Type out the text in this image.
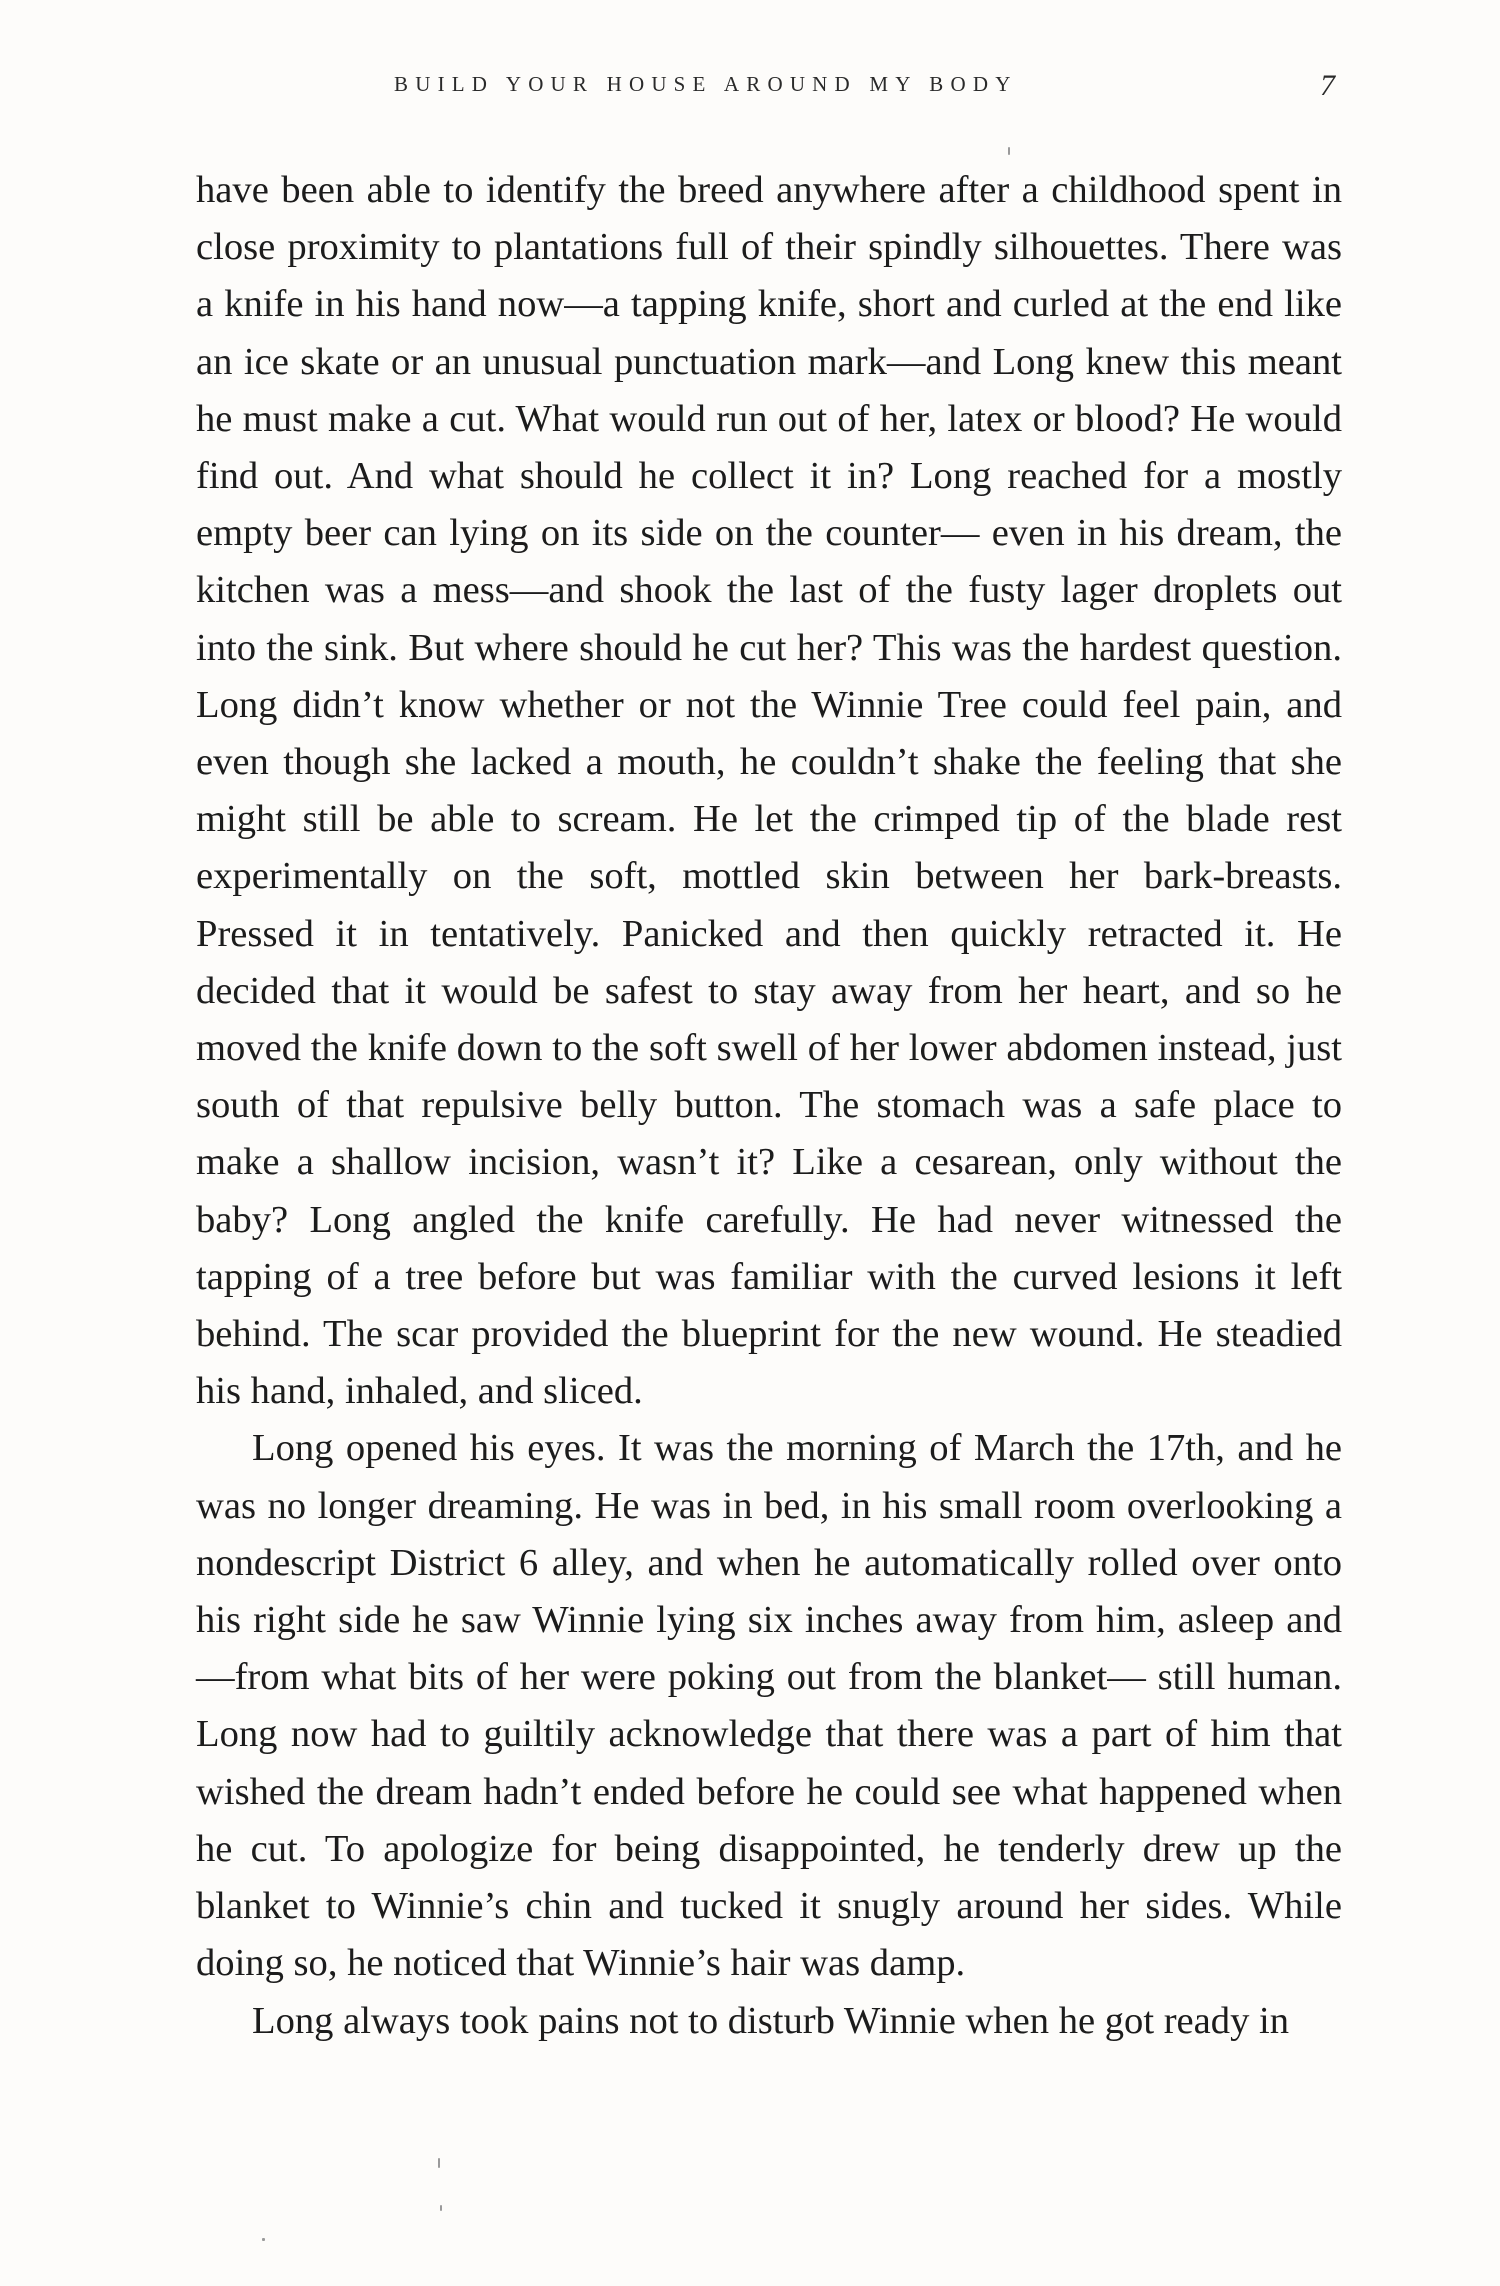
BUILD YOUR HOUSE AROUND MY BODY	7

have been able to identify the breed anywhere after a childhood spent in close proximity to plantations full of their spindly silhouettes. There was a knife in his hand now—a tapping knife, short and curled at the end like an ice skate or an unusual punctuation mark—and Long knew this meant he must make a cut. What would run out of her, latex or blood? He would find out. And what should he collect it in? Long reached for a mostly empty beer can lying on its side on the counter— even in his dream, the kitchen was a mess—and shook the last of the fusty lager droplets out into the sink. But where should he cut her? This was the hardest question. Long didn’t know whether or not the Winnie Tree could feel pain, and even though she lacked a mouth, he couldn’t shake the feeling that she might still be able to scream. He let the crimped tip of the blade rest experimentally on the soft, mottled skin between her bark-breasts. Pressed it in tentatively. Panicked and then quickly retracted it. He decided that it would be safest to stay away from her heart, and so he moved the knife down to the soft swell of her lower abdomen instead, just south of that repulsive belly button. The stomach was a safe place to make a shallow incision, wasn’t it? Like a cesarean, only without the baby? Long angled the knife carefully. He had never witnessed the tapping of a tree before but was familiar with the curved lesions it left behind. The scar provided the blueprint for the new wound. He steadied his hand, inhaled, and sliced.

Long opened his eyes. It was the morning of March the 17th, and he was no longer dreaming. He was in bed, in his small room overlooking a nondescript District 6 alley, and when he automatically rolled over onto his right side he saw Winnie lying six inches away from him, asleep and—from what bits of her were poking out from the blanket— still human. Long now had to guiltily acknowledge that there was a part of him that wished the dream hadn’t ended before he could see what happened when he cut. To apologize for being disappointed, he tenderly drew up the blanket to Winnie’s chin and tucked it snugly around her sides. While doing so, he noticed that Winnie’s hair was damp.

Long always took pains not to disturb Winnie when he got ready in
